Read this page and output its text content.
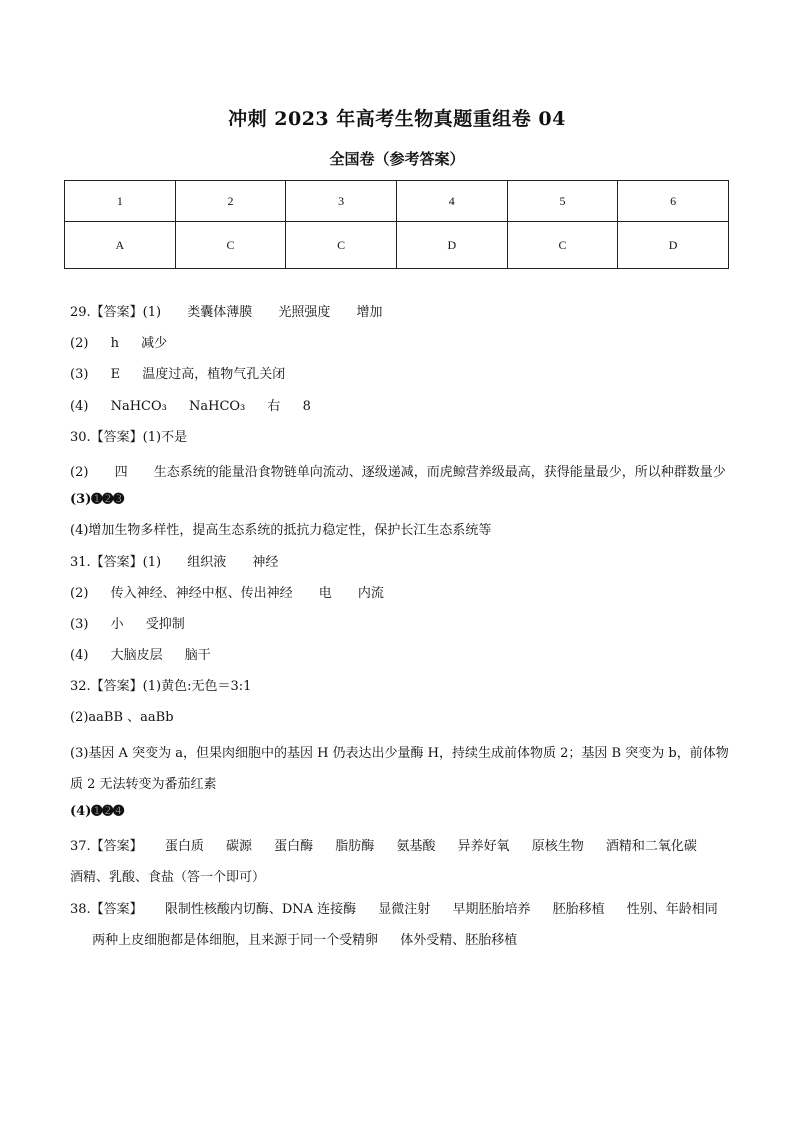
冲刺 2023 年高考生物真题重组卷 04
全国卷（参考答案）
1	2	3	4	5	6
A	C	C	D	C	D
29.【答案】(1) 类囊体薄膜 光照强度 增加
(2) h 减少
(3) E 温度过高，植物气孔关闭
(4) NaHCO₃ NaHCO₃ 右 8
30.【答案】(1)不是
(2) 四 生态系统的能量沿食物链单向流动、逐级递减，而虎鲸营养级最高，获得能量最少，所以种群数量少
(3)➊➋➌
(4)增加生物多样性，提高生态系统的抵抗力稳定性，保护长江生态系统等
31.【答案】(1) 组织液 神经
(2) 传入神经、神经中枢、传出神经 电 内流
(3) 小 受抑制
(4) 大脑皮层 脑干
32.【答案】(1)黄色:无色＝3:1
(2)aaBB 、aaBb
(3)基因 A 突变为 a，但果肉细胞中的基因 H 仍表达出少量酶 H，持续生成前体物质 2；基因 B 突变为 b，前体物质 2 无法转变为番茄红素
(4)➊➋➍
37.【答案】 蛋白质 碳源 蛋白酶 脂肪酶 氨基酸 异养好氧 原核生物 酒精和二氧化碳 酒精、乳酸、食盐（答一个即可）
38.【答案】 限制性核酸内切酶、DNA 连接酶 显微注射 早期胚胎培养 胚胎移植 性别、年龄相同 两种上皮细胞都是体细胞，且来源于同一个受精卵 体外受精、胚胎移植
